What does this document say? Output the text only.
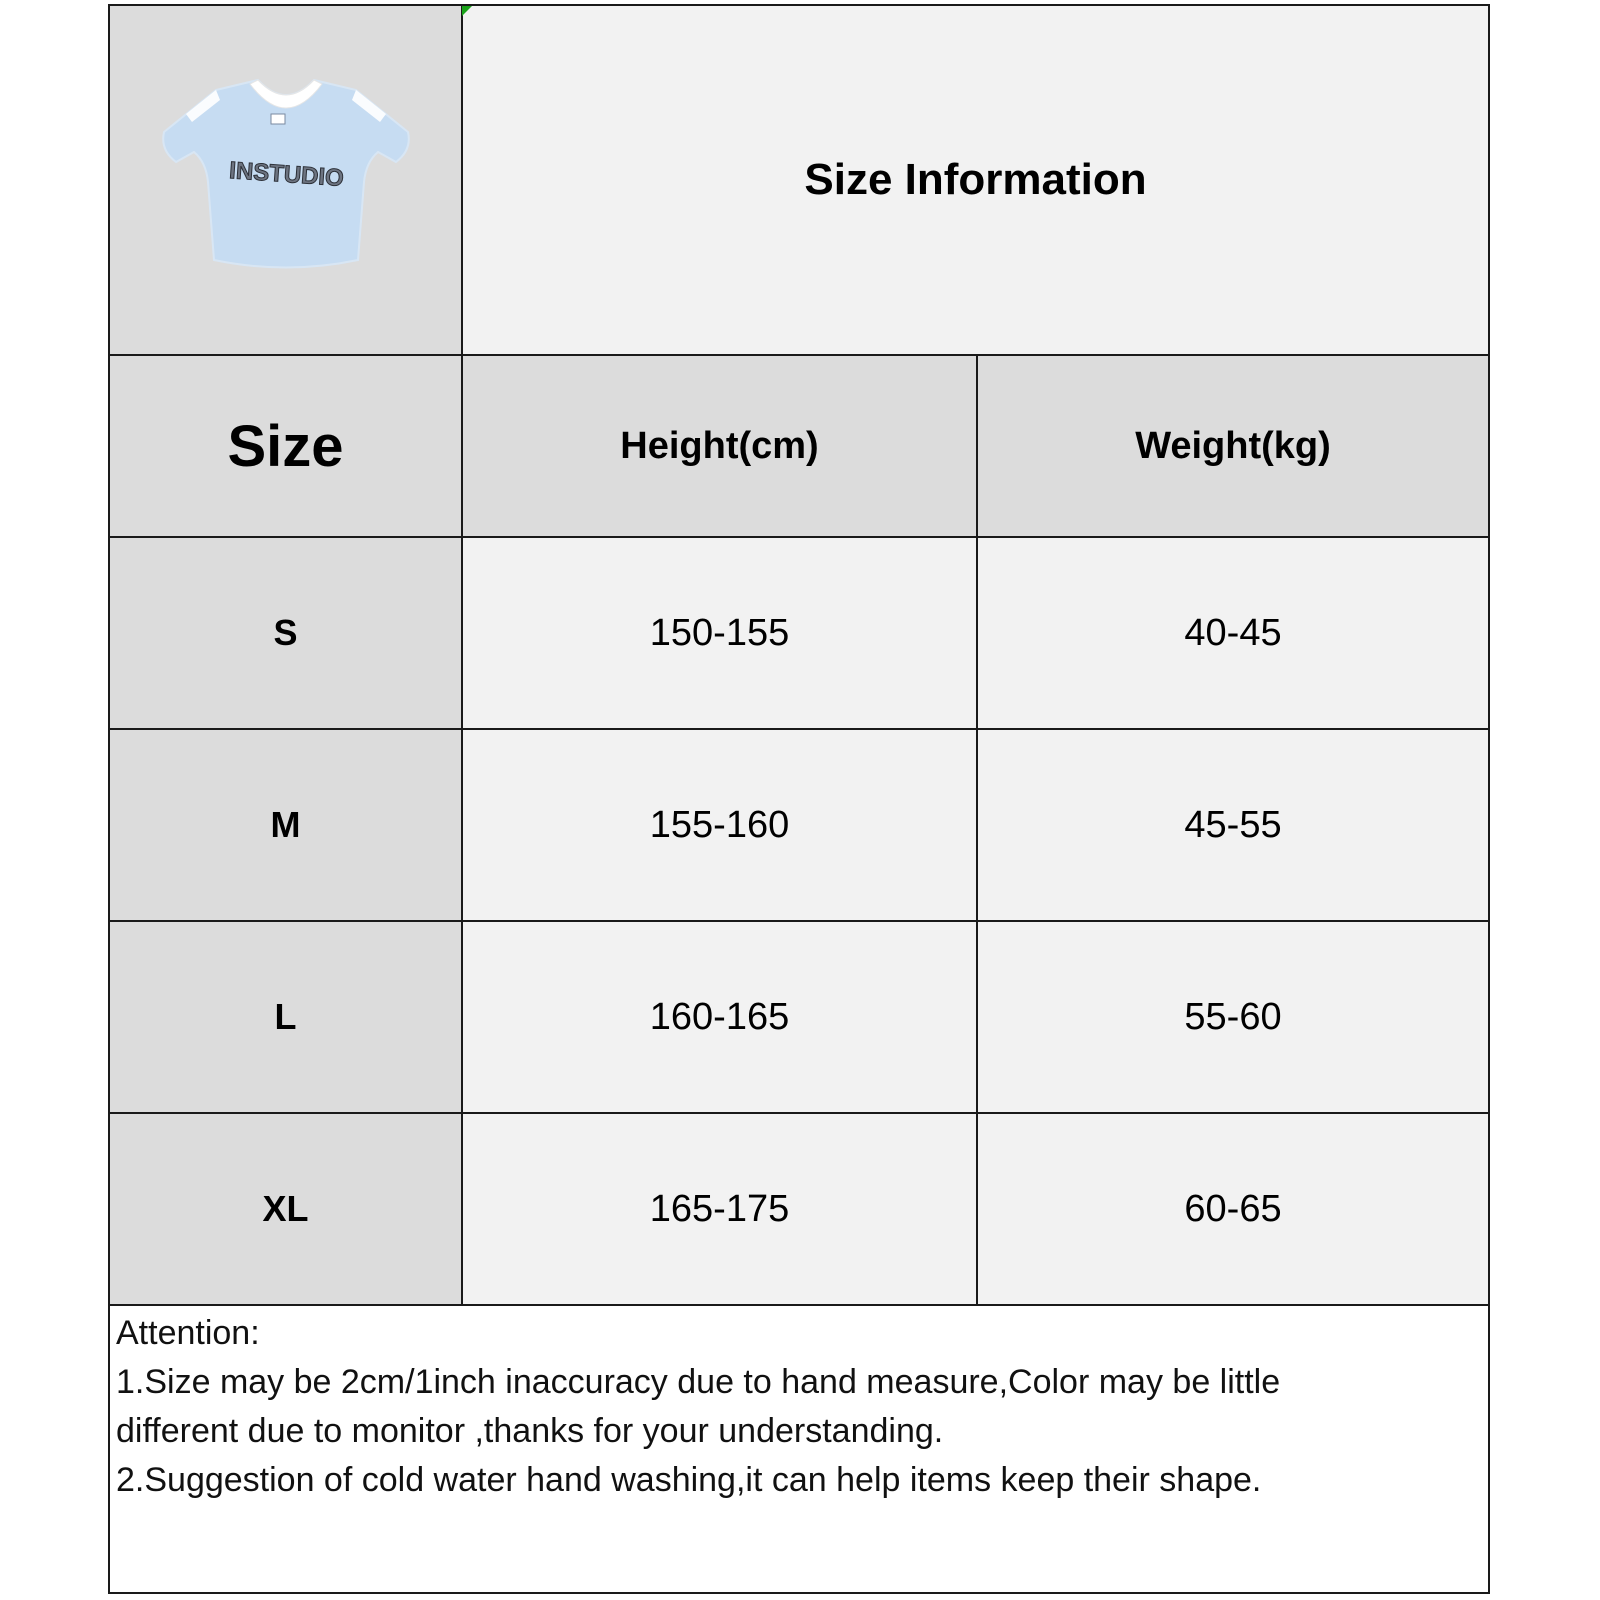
INSTUDIO	Size Information
Size	Height(cm)	Weight(kg)
S	150-155	40-45
M	155-160	45-55
L	160-165	55-60
XL	165-175	60-65
Attention:
1.Size may be 2cm/1inch inaccuracy due to hand measure,Color may be little
different due to monitor ,thanks for your understanding.
2.Suggestion of cold water hand washing,it can help items keep their shape.
